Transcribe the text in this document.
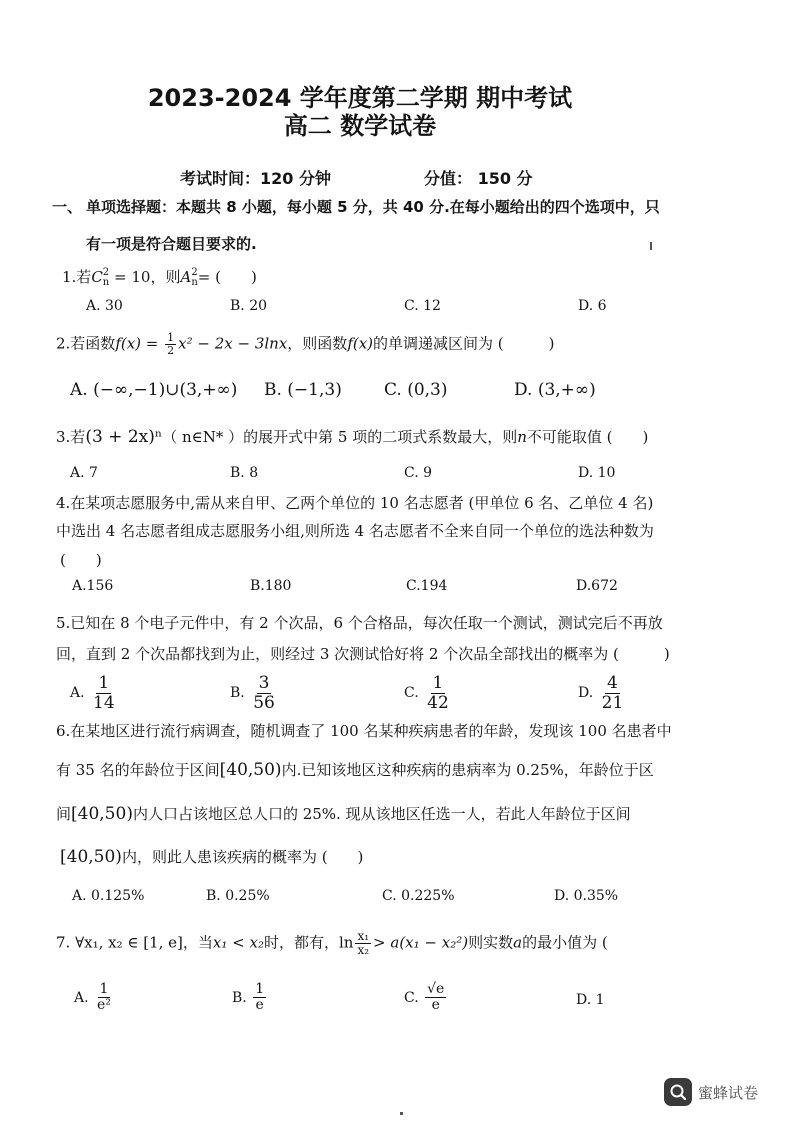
2023-2024 学年度第二学期 期中考试
高二 数学试卷
考试时间：120 分钟	分值： 150 分
一、 单项选择题：本题共 8 小题，每小题 5 分，共 40 分.在每小题给出的四个选项中，只
有一项是符合题目要求的.
1.若C 2
n = 10，则A 2
n = (　　)
A. 30	B. 20	C. 12	D. 6
2.若函数$f(x) = \frac{1}{2} x^2 - 2x - 3\ln x$，则函数f(x)的单调递减区间为 (　　　)
A. (−∞,−1)∪(3,+∞) B. (−1,3) C. (0,3)	D. (3,+∞)
3.若(3 + 2x)ⁿ（ n∈N* ）的展开式中第 5 项的二项式系数最大，则n不可能取值 (　　)
A. 7	B. 8	C. 9	D. 10
4.在某项志愿服务中,需从来自甲、乙两个单位的 10 名志愿者 (甲单位 6 名、乙单位 4 名)
中选出 4 名志愿者组成志愿服务小组,则所选 4 名志愿者不全来自同一个单位的选法种数为
(　　)
A.156	B.180	C.194	D.672
5.已知在 8 个电子元件中，有 2 个次品，6 个合格品，每次任取一个测试，测试完后不再放
回，直到 2 个次品都找到为止，则经过 3 次测试恰好将 2 个次品全部找出的概率为 (　　　)
A. $\frac{1}{14}$	B. $\frac{3}{56}$	C. $\frac{1}{42}$	D. $\frac{4}{21}$
6.在某地区进行流行病调查，随机调查了 100 名某种疾病患者的年龄，发现该 100 名患者中
有 35 名的年龄位于区间[40,50)内.已知该地区这种疾病的患病率为 0.25%，年龄位于区
间[40,50)内人口占该地区总人口的 25%. 现从该地区任选一人，若此人年龄位于区间
[40,50)内，则此人患该疾病的概率为 (　　)
A. 0.125%	B. 0.25%	C. 0.225%	D. 0.35%
7. ∀x₁, x₂ ∈ [1, e]，当x₁ < x₂时，都有，$\ln \frac{\text{x₁}}{\text{x₂}} > a(x_1 - x_2^2)$则实数a的最小值为 (
A. $\frac{1}{\text{e²}}$	B. $\frac{1}{e}$	C. $\frac{√e}{e}$	D. 1
蜜蜂试卷
